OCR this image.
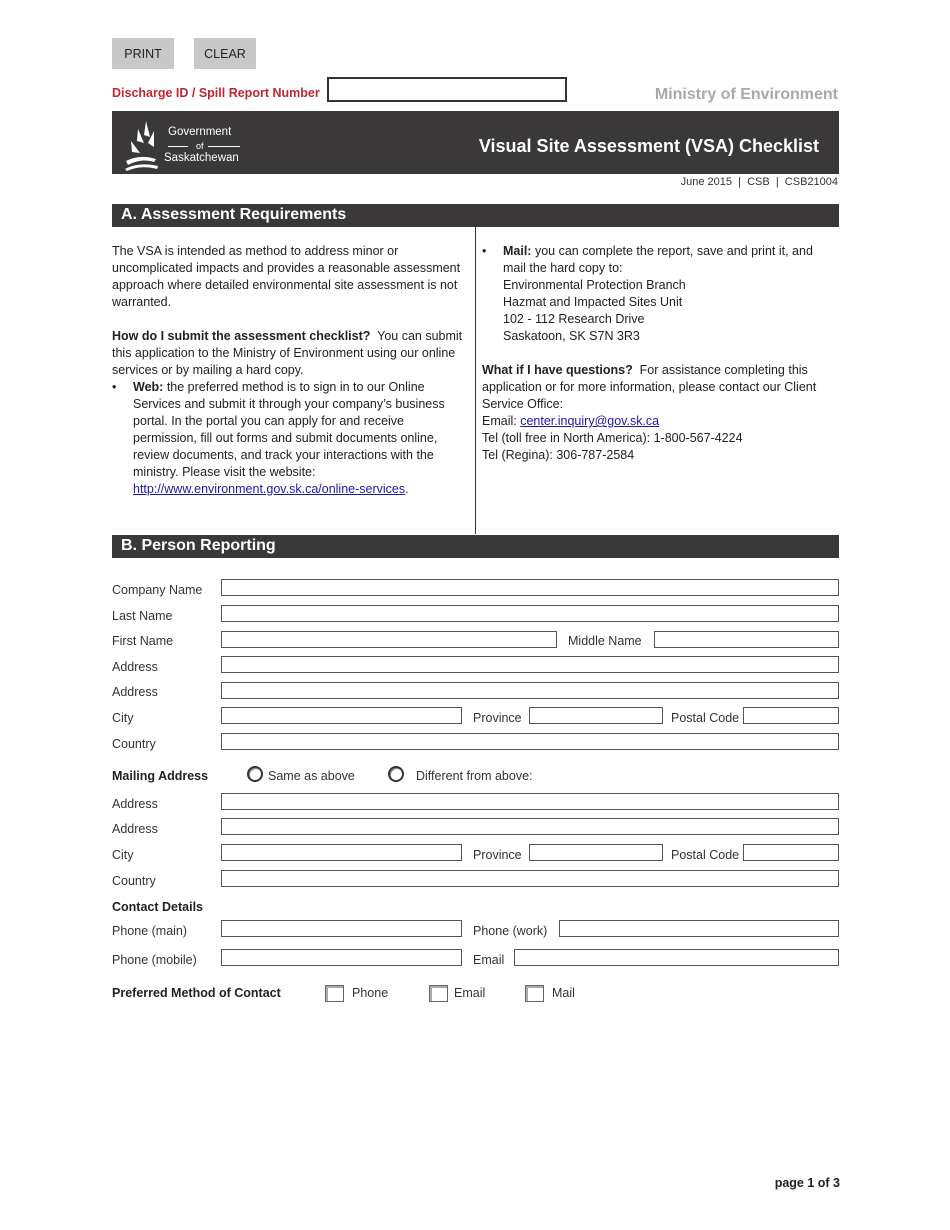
PRINT	CLEAR
Discharge ID / Spill Report Number	Ministry of Environment
Government
of
Saskatchewan
Visual Site Assessment (VSA) Checklist
June 2015  |  CSB  |  CSB21004
A. Assessment Requirements

The VSA is intended as method to address minor or uncomplicated impacts and provides a reasonable assessment approach where detailed environmental site assessment is not warranted.

How do I submit the assessment checklist? You can submit this application to the Ministry of Environment using our online services or by mailing a hard copy.

•	Web: the preferred method is to sign in to our Online Services and submit it through your company’s business portal. In the portal you can apply for and receive permission, fill out forms and submit documents online, review documents, and track your interactions with the ministry. Please visit the website:
http://www.environment.gov.sk.ca/online-services.
•	Mail: you can complete the report, save and print it, and mail the hard copy to:
Environmental Protection Branch
Hazmat and Impacted Sites Unit
102 - 112 Research Drive
Saskatoon, SK S7N 3R3

What if I have questions? For assistance completing this application or for more information, please contact our Client Service Office:

Email: center.inquiry@gov.sk.ca

Tel (toll free in North America): 1-800-567-4224

Tel (Regina): 306-787-2584

B. Person Reporting
Company Name
Last Name
First Name	Middle Name
Address
Address
City	Province	Postal Code
Country
Mailing Address	Same as above	Different from above:
Address
Address
City	Province	Postal Code
Country
Contact Details
Phone (main)	Phone (work)
Phone (mobile)	Email
Preferred Method of Contact	Phone	Email	Mail
page 1 of 3
